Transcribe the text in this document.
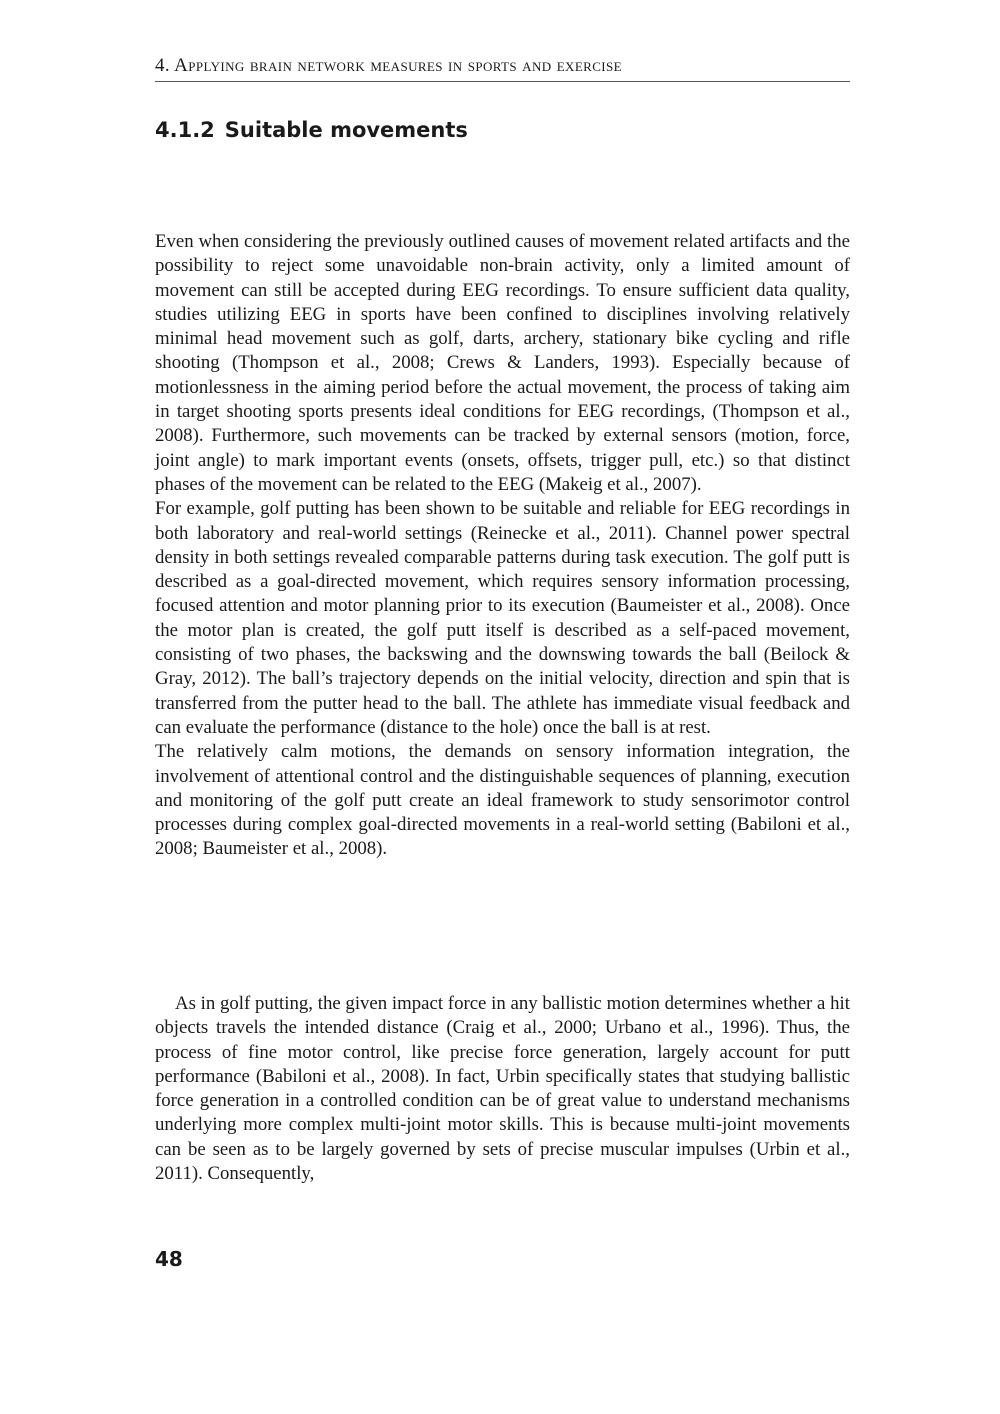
4. Applying brain network measures in sports and exercise
4.1.2 Suitable movements

Even when considering the previously outlined causes of movement related artifacts and the possibility to reject some unavoidable non-brain activity, only a limited amount of movement can still be accepted during EEG recordings. To ensure sufficient data quality, studies utilizing EEG in sports have been confined to disciplines involving relatively minimal head movement such as golf, darts, archery, stationary bike cycling and rifle shooting (Thompson et al., 2008; Crews & Landers, 1993). Especially because of motionlessness in the aiming period before the actual movement, the process of taking aim in target shooting sports presents ideal conditions for EEG recordings, (Thompson et al., 2008). Furthermore, such movements can be tracked by external sensors (motion, force, joint angle) to mark important events (onsets, offsets, trigger pull, etc.) so that distinct phases of the movement can be related to the EEG (Makeig et al., 2007).

For example, golf putting has been shown to be suitable and reliable for EEG recordings in both laboratory and real-world settings (Reinecke et al., 2011). Channel power spectral density in both settings revealed comparable patterns during task execution. The golf putt is described as a goal-directed movement, which requires sensory information processing, focused attention and motor planning prior to its execution (Baumeister et al., 2008). Once the motor plan is created, the golf putt itself is described as a self-paced movement, consisting of two phases, the backswing and the downswing towards the ball (Beilock & Gray, 2012). The ball’s trajectory depends on the initial velocity, direction and spin that is transferred from the putter head to the ball. The athlete has immediate visual feedback and can evaluate the performance (distance to the hole) once the ball is at rest.

The relatively calm motions, the demands on sensory information integration, the involvement of attentional control and the distinguishable sequences of planning, execution and monitoring of the golf putt create an ideal framework to study sensorimotor control processes during complex goal-directed movements in a real-world setting (Babiloni et al., 2008; Baumeister et al., 2008).

As in golf putting, the given impact force in any ballistic motion determines whether a hit objects travels the intended distance (Craig et al., 2000; Urbano et al., 1996). Thus, the process of fine motor control, like precise force generation, largely account for putt performance (Babiloni et al., 2008). In fact, Urbin specifically states that studying ballistic force generation in a controlled condition can be of great value to understand mechanisms underlying more complex multi-joint motor skills. This is because multi-joint movements can be seen as to be largely governed by sets of precise muscular impulses (Urbin et al., 2011). Consequently,

48
